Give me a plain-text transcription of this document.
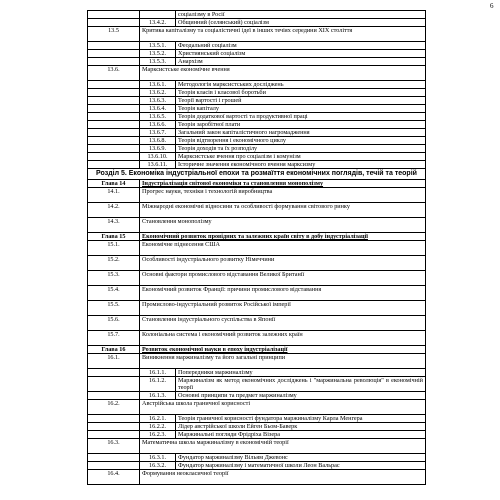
6
		соціалізму в Росії
	13.4.2.	Общинний (селянський) соціалізм
13.5	Критика капіталізму та соціалістичні ідеї в інших течіях середини ХІХ століття	
	13.5.1.	Феодальний соціалізм
	13.5.2.	Християнський соціалізм
	13.5.3.	Анархізм
13.6.	Марксистське економічне вчення	
	13.6.1.	Методологія марксистських досліджень
	13.6.2.	Теорія класів і класової боротьби
	13.6.3.	Теорії вартості і грошей
	13.6.4.	Теорія капіталу
	13.6.5.	Теорія додаткової вартості та продуктивної праці
	13.6.6.	Теорія заробітної плати
	13.6.7.	Загальний закон капіталістичного нагромадження
	13.6.8.	Теорія відтворення і економічного циклу
	13.6.9.	Теорія доходів та їх розподілу
	13.6.10.	Марксистське вчення про соціалізм і комунізм
	13.6.11.	Історичне значення економічного вчення марксизму
Розділ 5. Економіка індустріальної епохи та розмаїття економічних поглядів, течій та теорій		
Глава 14	Індустріалізація світової економіки та становлення монополізму	
14.1.	Прогрес науки, техніки і технологій виробництва	
14.2.	Міжнародні економічні відносини та особливості формування світового ринку	
14.3.	Становлення монополізму	
Глава 15	Економічний розвиток провідних та залежних країн світу в добу індустріалізації	
15.1.	Економічне піднесення США	
15.2.	Особливості індустріального розвитку Німеччини	
15.3.	Основні фактори промислового відставання Великої Британії	
15.4.	Економічний розвиток Франції: причини промислового відставання	
15.5.	Промислово-індустріальний розвиток Російської імперії	
15.6.	Становлення індустріального суспільства в Японії	
15.7.	Колоніальна система і економічний розвиток залежних країн	
Глава 16	Розвиток економічної науки в епоху індустріалізації	
16.1.	Виникнення маржиналізму та його загальні принципи	
	16.1.1.	Попередники маржиналізму
	16.1.2.	Маржиналізм як метод економічних досліджень і "маржинальна революція" в економічній теорії
	16.1.3.	Основні принципи та предмет маржиналізму
16.2.	Австрійська школа граничної корисності	
	16.2.1.	Теорія граничної корисності фундатора маржиналізму Карла Менгера
	16.2.2.	Лідер австрійської школи Ейген Бьом-Баверк
	16.2.3.	Маржинальні погляди Фрідріха Візера
16.3.	Математична школа маржиналізму в економічній теорії	
	16.3.1.	Фундатор маржиналізму Вільям Джевонс
	16.3.2.	Фундатор маржиналізму і математичної школи Леон Вальрас
16.4.	Формування неокласичної теорії	
